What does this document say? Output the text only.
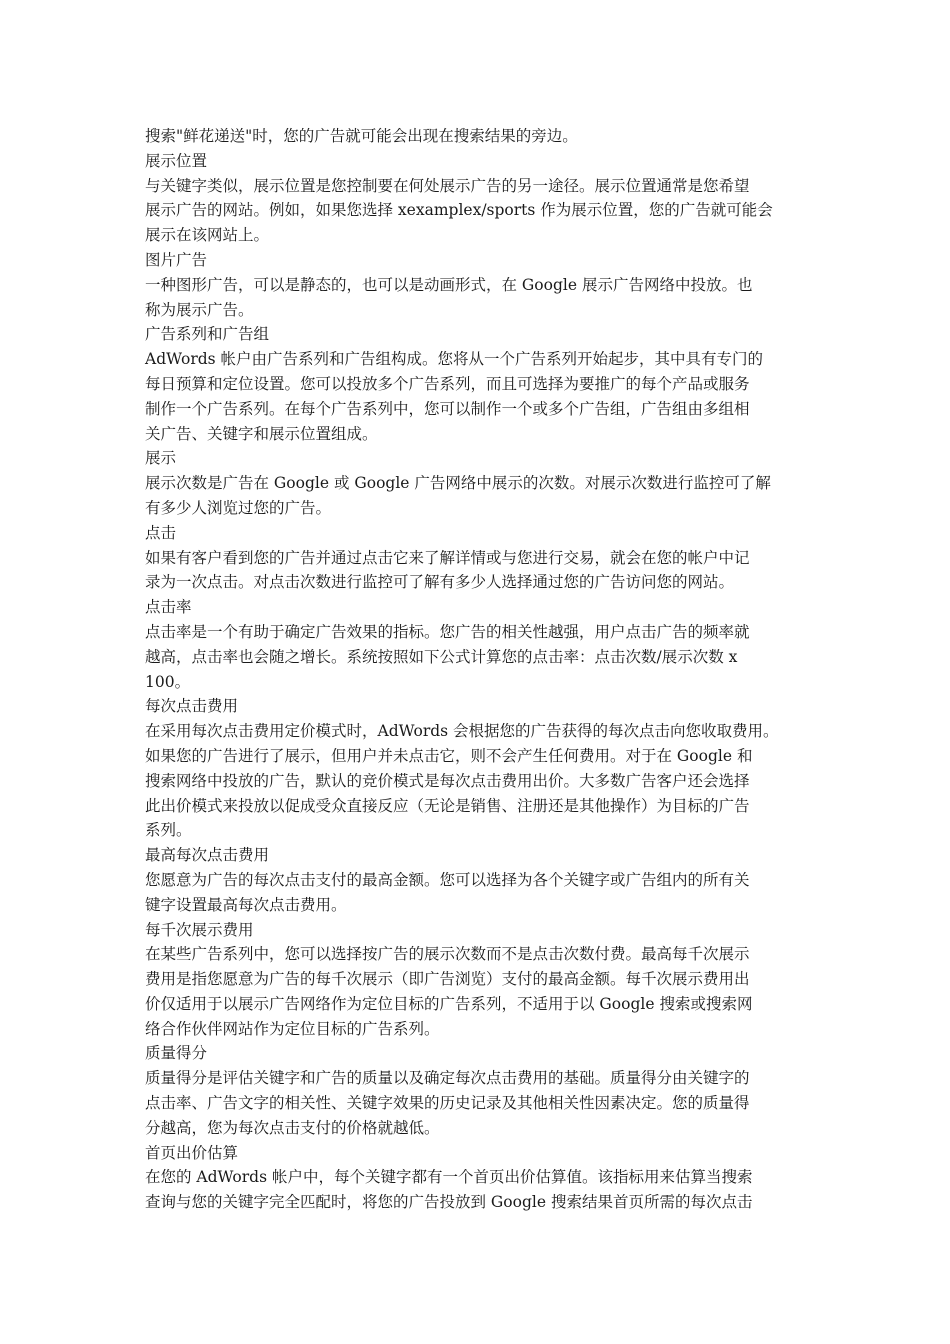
搜索"鲜花递送"时，您的广告就可能会出现在搜索结果的旁边。

展示位置

与关键字类似，展示位置是您控制要在何处展示广告的另一途径。展示位置通常是您希望
展示广告的网站。例如，如果您选择 xexamplex/sports 作为展示位置，您的广告就可能会
展示在该网站上。

图片广告

一种图形广告，可以是静态的，也可以是动画形式，在 Google 展示广告网络中投放。也
称为展示广告。

广告系列和广告组

AdWords 帐户由广告系列和广告组构成。您将从一个广告系列开始起步，其中具有专门的
每日预算和定位设置。您可以投放多个广告系列，而且可选择为要推广的每个产品或服务
制作一个广告系列。在每个广告系列中，您可以制作一个或多个广告组，广告组由多组相
关广告、关键字和展示位置组成。

展示

展示次数是广告在 Google 或 Google 广告网络中展示的次数。对展示次数进行监控可了解
有多少人浏览过您的广告。

点击

如果有客户看到您的广告并通过点击它来了解详情或与您进行交易，就会在您的帐户中记
录为一次点击。对点击次数进行监控可了解有多少人选择通过您的广告访问您的网站。

点击率

点击率是一个有助于确定广告效果的指标。您广告的相关性越强，用户点击广告的频率就
越高，点击率也会随之增长。系统按照如下公式计算您的点击率：点击次数/展示次数 x
100。

每次点击费用

在采用每次点击费用定价模式时，AdWords 会根据您的广告获得的每次点击向您收取费用。
如果您的广告进行了展示，但用户并未点击它，则不会产生任何费用。对于在 Google 和
搜索网络中投放的广告，默认的竞价模式是每次点击费用出价。大多数广告客户还会选择
此出价模式来投放以促成受众直接反应（无论是销售、注册还是其他操作）为目标的广告
系列。

最高每次点击费用

您愿意为广告的每次点击支付的最高金额。您可以选择为各个关键字或广告组内的所有关
键字设置最高每次点击费用。

每千次展示费用

在某些广告系列中，您可以选择按广告的展示次数而不是点击次数付费。最高每千次展示
费用是指您愿意为广告的每千次展示（即广告浏览）支付的最高金额。每千次展示费用出
价仅适用于以展示广告网络作为定位目标的广告系列，不适用于以 Google 搜索或搜索网
络合作伙伴网站作为定位目标的广告系列。

质量得分

质量得分是评估关键字和广告的质量以及确定每次点击费用的基础。质量得分由关键字的
点击率、广告文字的相关性、关键字效果的历史记录及其他相关性因素决定。您的质量得
分越高，您为每次点击支付的价格就越低。

首页出价估算

在您的 AdWords 帐户中，每个关键字都有一个首页出价估算值。该指标用来估算当搜索
查询与您的关键字完全匹配时，将您的广告投放到 Google 搜索结果首页所需的每次点击
